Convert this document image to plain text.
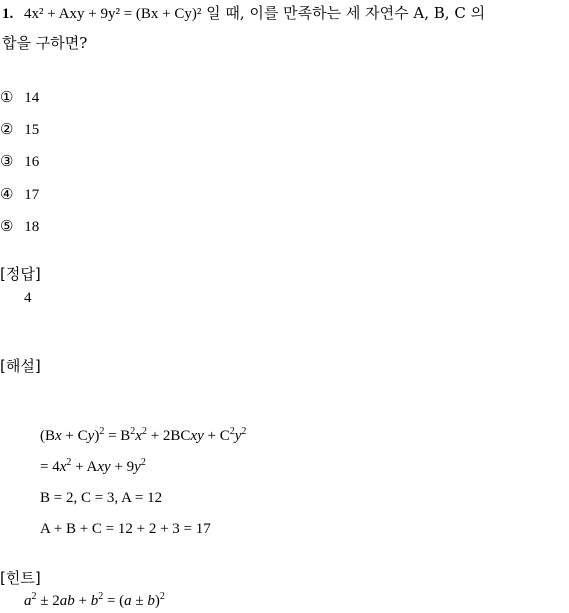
1. 4x² + Axy + 9y² = (Bx + Cy)² 일 때, 이를 만족하는 세 자연수 A, B, C 의
합을 구하면?
① 14
② 15
③ 16
④ 17
⑤ 18
[정답]
4
[해설]
$(Bx + Cy)^2 = B^2x^2$ + 2BCxy + $C^2y^2$
= $4x^2$ + Axy + $9y^2$
B = 2, C = 3, A = 12
A + B + C = 12 + 2 + 3 = 17
[힌트]
$a^2 \pm 2ab + b^2 = (a \pm b)^2$
